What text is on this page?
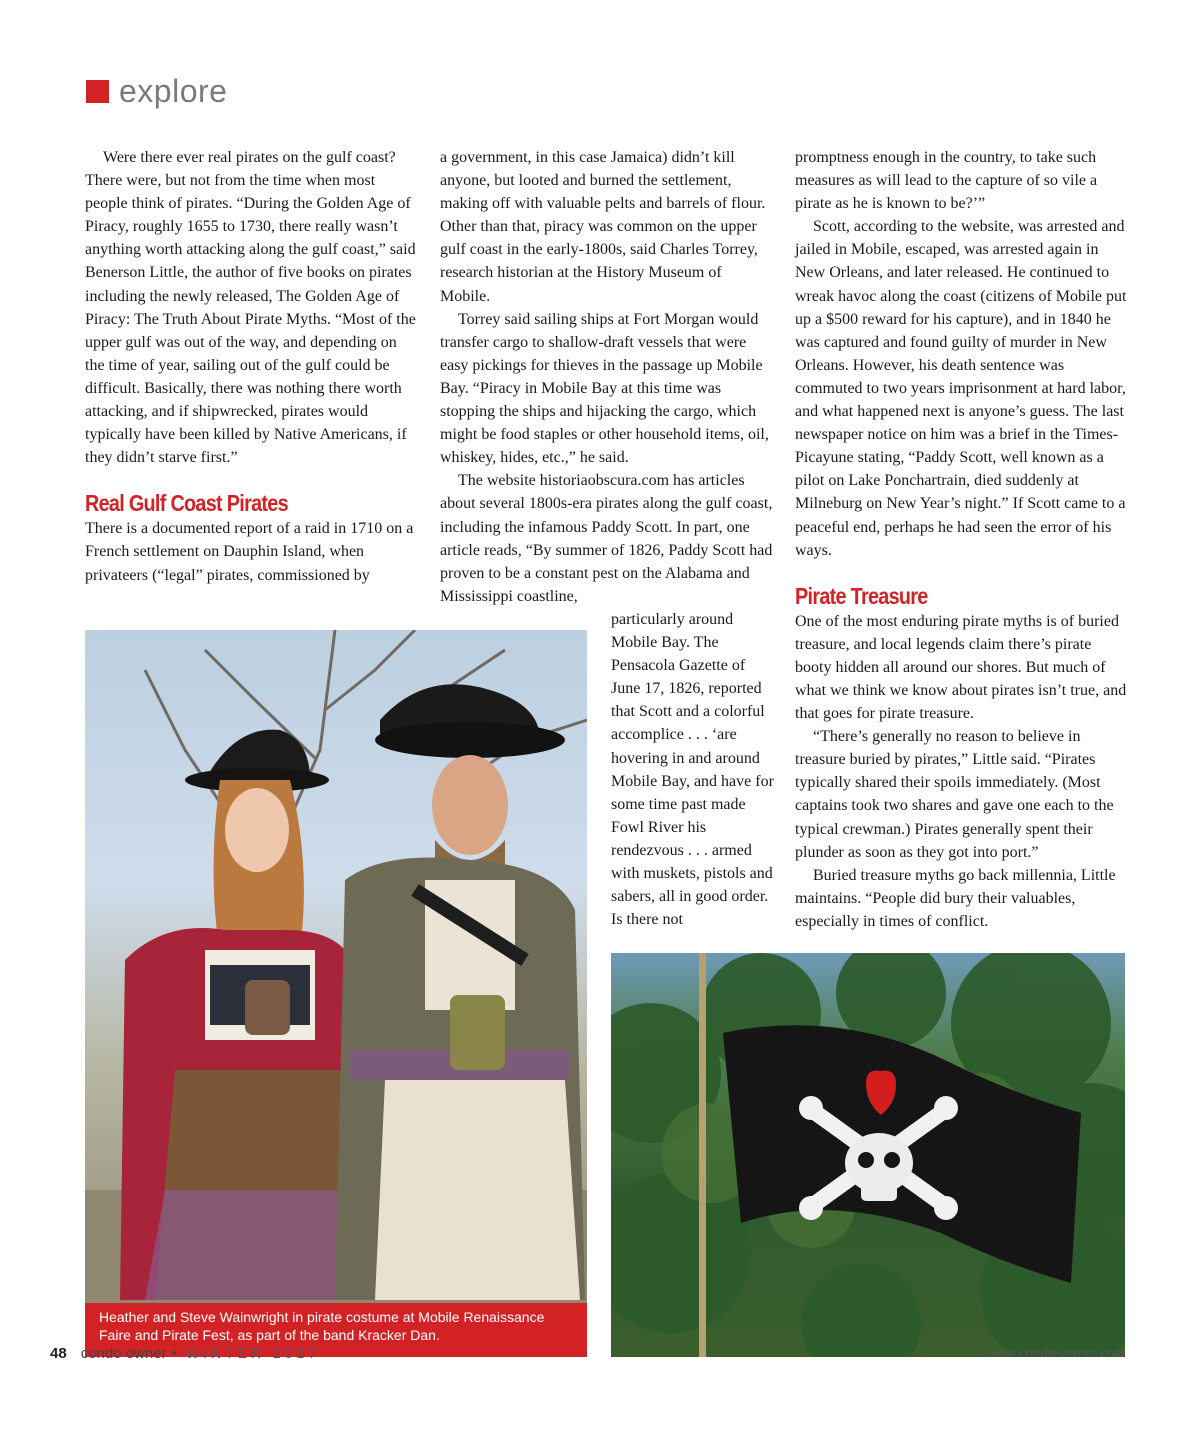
explore

Were there ever real pirates on the gulf coast? There were, but not from the time when most people think of pirates. “During the Golden Age of Piracy, roughly 1655 to 1730, there really wasn’t anything worth attacking along the gulf coast,” said Benerson Little, the author of five books on pirates including the newly released, The Golden Age of Piracy: The Truth About Pirate Myths. “Most of the upper gulf was out of the way, and depending on the time of year, sailing out of the gulf could be difficult. Basically, there was nothing there worth attacking, and if shipwrecked, pirates would typically have been killed by Native Americans, if they didn’t starve first.”

Real Gulf Coast Pirates

There is a documented report of a raid in 1710 on a French settlement on Dauphin Island, when privateers (“legal” pirates, commissioned by

a government, in this case Jamaica) didn’t kill anyone, but looted and burned the settlement, making off with valuable pelts and barrels of flour. Other than that, piracy was common on the upper gulf coast in the early-1800s, said Charles Torrey, research historian at the History Museum of Mobile.

Torrey said sailing ships at Fort Morgan would transfer cargo to shallow-draft vessels that were easy pickings for thieves in the passage up Mobile Bay. “Piracy in Mobile Bay at this time was stopping the ships and hijacking the cargo, which might be food staples or other household items, oil, whiskey, hides, etc.,” he said.

The website historiaobscura.com has articles about several 1800s-era pirates along the gulf coast, including the infamous Paddy Scott. In part, one article reads, “By summer of 1826, Paddy Scott had proven to be a constant pest on the Alabama and Mississippi coastline,

particularly around Mobile Bay. The Pensacola Gazette of June 17, 1826, reported that Scott and a colorful accomplice . . . ‘are hovering in and around Mobile Bay, and have for some time past made Fowl River his rendezvous . . . armed with muskets, pistols and sabers, all in good order. Is there not

promptness enough in the country, to take such measures as will lead to the capture of so vile a pirate as he is known to be?’”

Scott, according to the website, was arrested and jailed in Mobile, escaped, was arrested again in New Orleans, and later released. He continued to wreak havoc along the coast (citizens of Mobile put up a $500 reward for his capture), and in 1840 he was captured and found guilty of murder in New Orleans. However, his death sentence was commuted to two years imprisonment at hard labor, and what happened next is anyone’s guess. The last newspaper notice on him was a brief in the Times-Picayune stating, “Paddy Scott, well known as a pilot on Lake Ponchartrain, died suddenly at Milneburg on New Year’s night.” If Scott came to a peaceful end, perhaps he had seen the error of his ways.

Pirate Treasure

One of the most enduring pirate myths is of buried treasure, and local legends claim there’s pirate booty hidden all around our shores. But much of what we think we know about pirates isn’t true, and that goes for pirate treasure.

“There’s generally no reason to believe in treasure buried by pirates,” Little said. “Pirates typically shared their spoils immediately. (Most captains took two shares and gave one each to the typical crewman.) Pirates generally spent their plunder as soon as they got into port.”

Buried treasure myths go back millennia, Little maintains. “People did bury their valuables, especially in times of conflict.

Heather and Steve Wainwright in pirate costume at Mobile Renaissance Faire and Pirate Fest, as part of the band Kracker Dan.
48 condo owner • WINTER 2017	www.condo-owner.com
